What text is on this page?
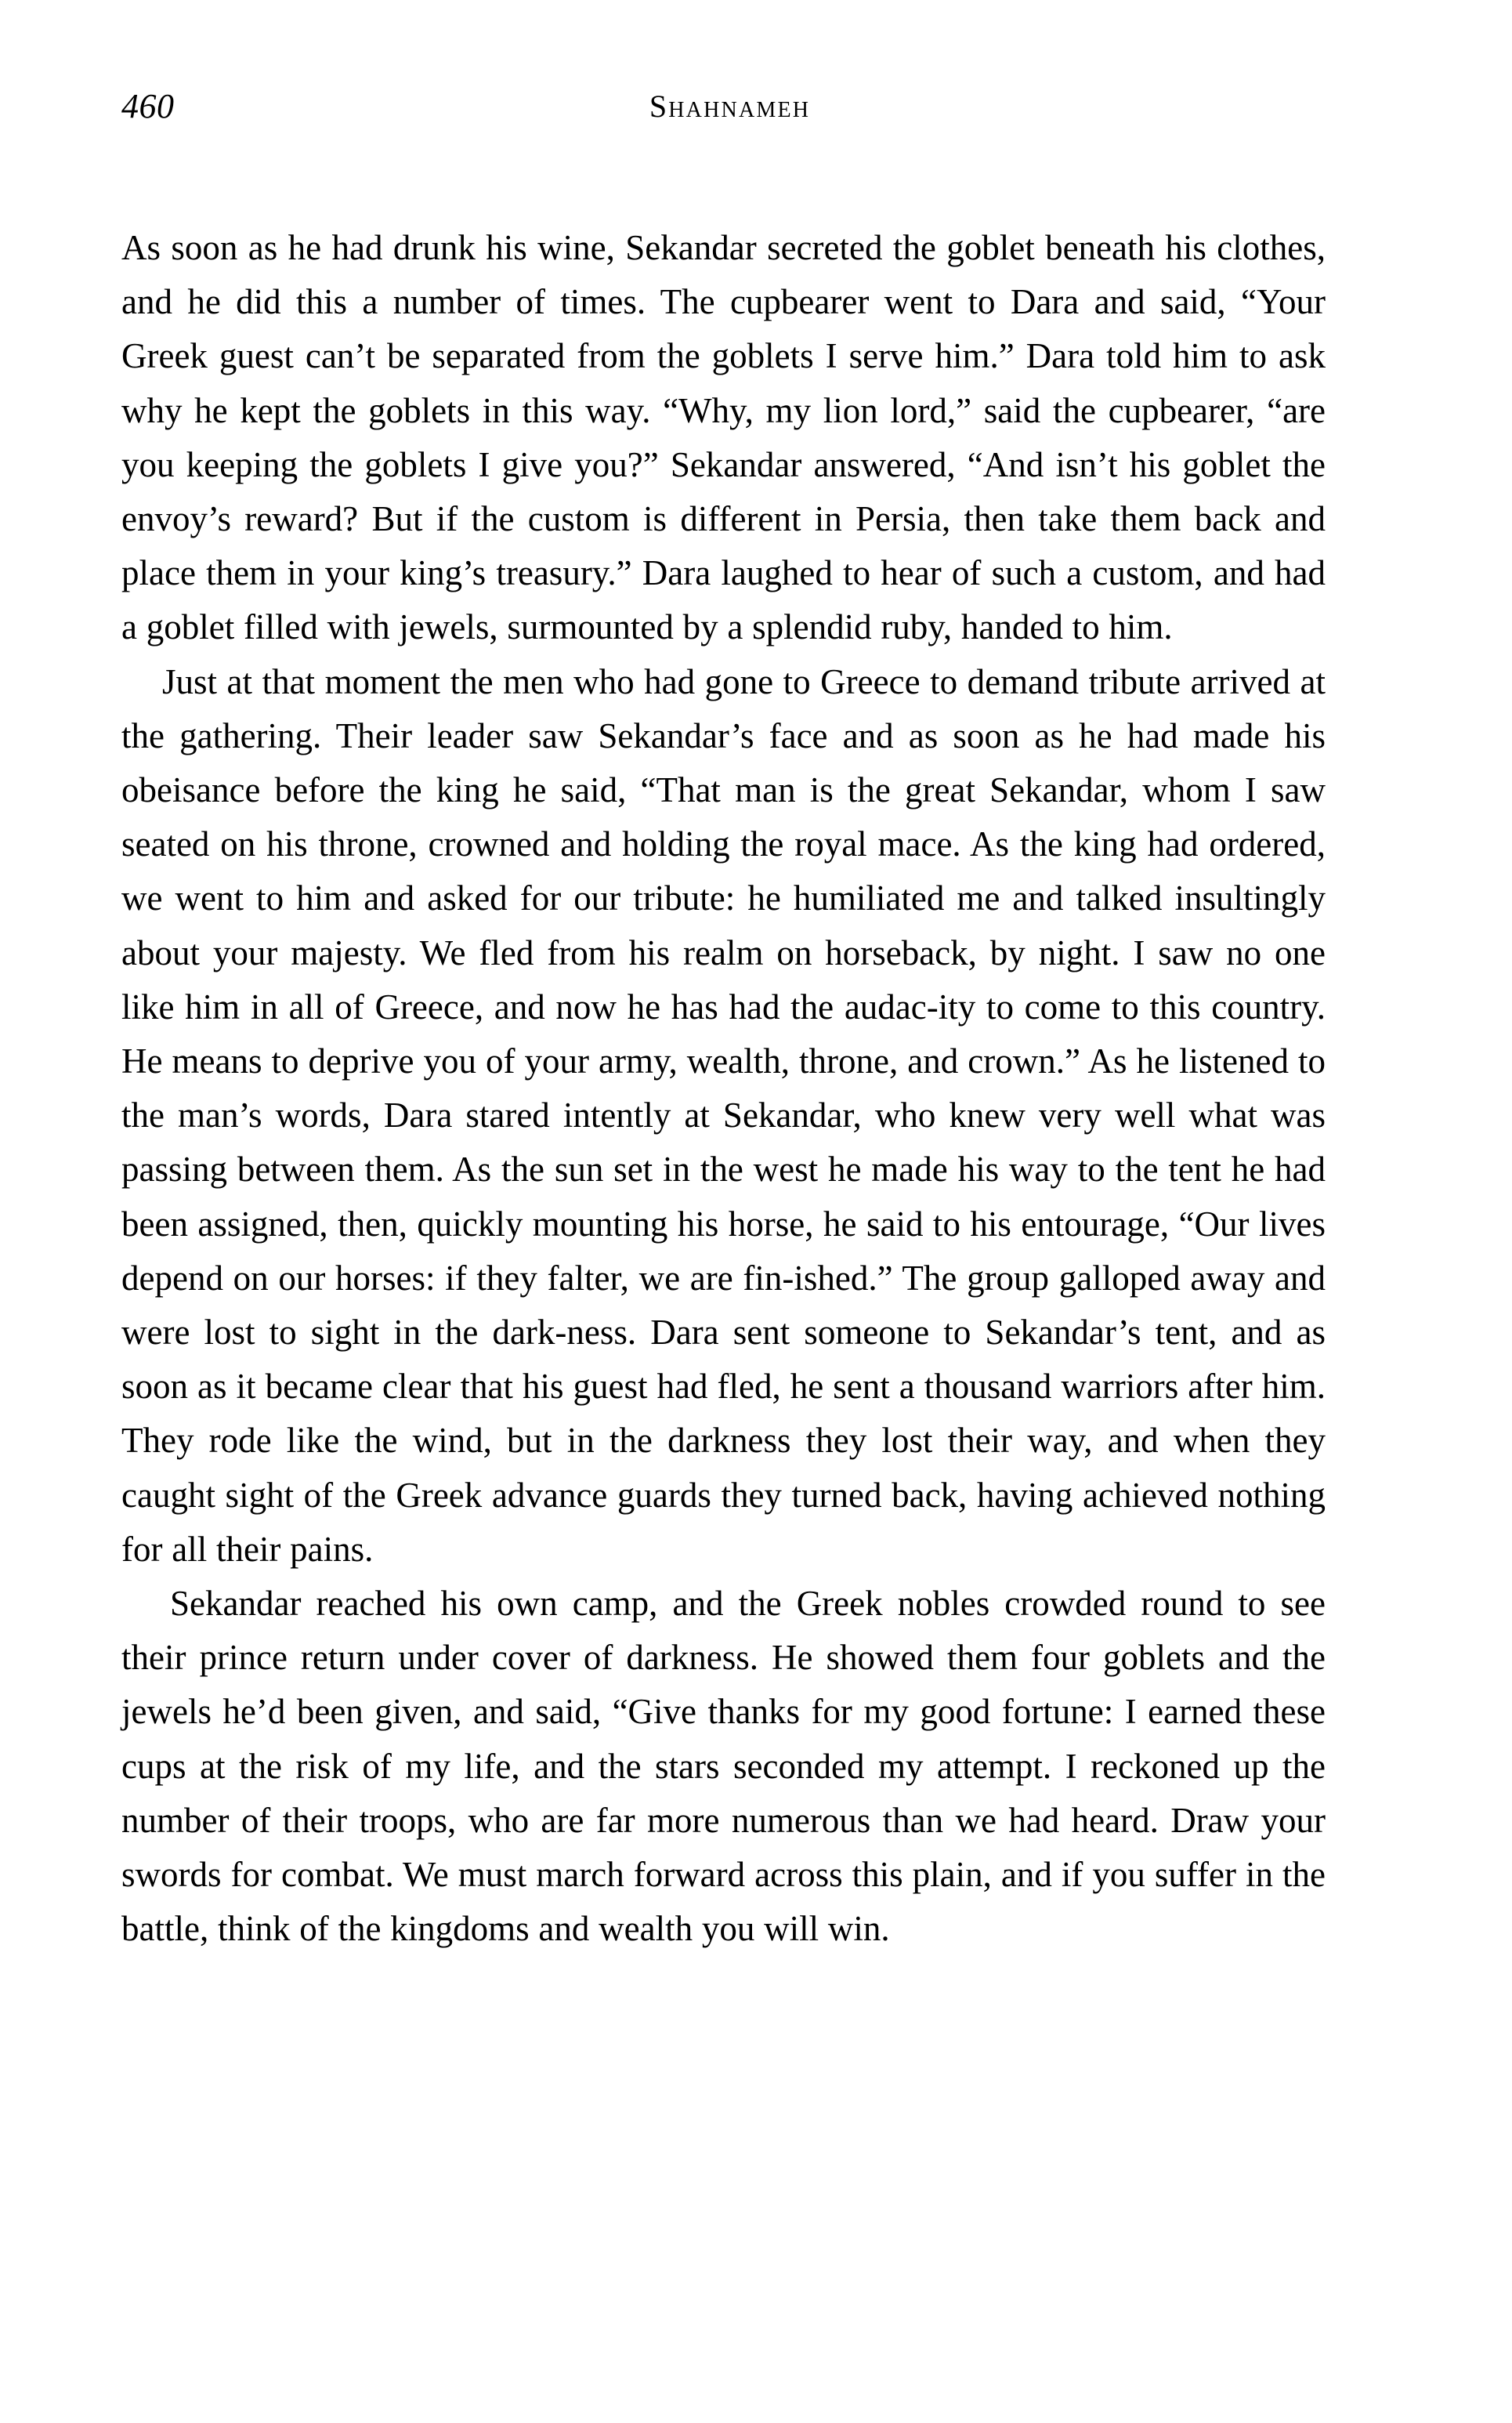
460	Shahnameh

As soon as he had drunk his wine, Sekandar secreted the goblet beneath his clothes, and he did this a number of times. The cupbearer went to Dara and said, “Your Greek guest can’t be separated from the goblets I serve him.” Dara told him to ask why he kept the goblets in this way. “Why, my lion lord,” said the cupbearer, “are you keeping the goblets I give you?” Sekandar answered, “And isn’t his goblet the envoy’s reward? But if the custom is different in Persia, then take them back and place them in your king’s treasury.” Dara laughed to hear of such a custom, and had a goblet filled with jewels, surmounted by a splendid ruby, handed to him.

Just at that moment the men who had gone to Greece to demand tribute arrived at the gathering. Their leader saw Sekandar’s face and as soon as he had made his obeisance before the king he said, “That man is the great Sekandar, whom I saw seated on his throne, crowned and holding the royal mace. As the king had ordered, we went to him and asked for our tribute: he humiliated me and talked insultingly about your majesty. We fled from his realm on horseback, by night. I saw no one like him in all of Greece, and now he has had the audac-ity to come to this country. He means to deprive you of your army, wealth, throne, and crown.” As he listened to the man’s words, Dara stared intently at Sekandar, who knew very well what was passing between them. As the sun set in the west he made his way to the tent he had been assigned, then, quickly mounting his horse, he said to his entourage, “Our lives depend on our horses: if they falter, we are fin-ished.” The group galloped away and were lost to sight in the dark-ness. Dara sent someone to Sekandar’s tent, and as soon as it became clear that his guest had fled, he sent a thousand warriors after him. They rode like the wind, but in the darkness they lost their way, and when they caught sight of the Greek advance guards they turned back, having achieved nothing for all their pains.

Sekandar reached his own camp, and the Greek nobles crowded round to see their prince return under cover of darkness. He showed them four goblets and the jewels he’d been given, and said, “Give thanks for my good fortune: I earned these cups at the risk of my life, and the stars seconded my attempt. I reckoned up the number of their troops, who are far more numerous than we had heard. Draw your swords for combat. We must march forward across this plain, and if you suffer in the battle, think of the kingdoms and wealth you will win.
